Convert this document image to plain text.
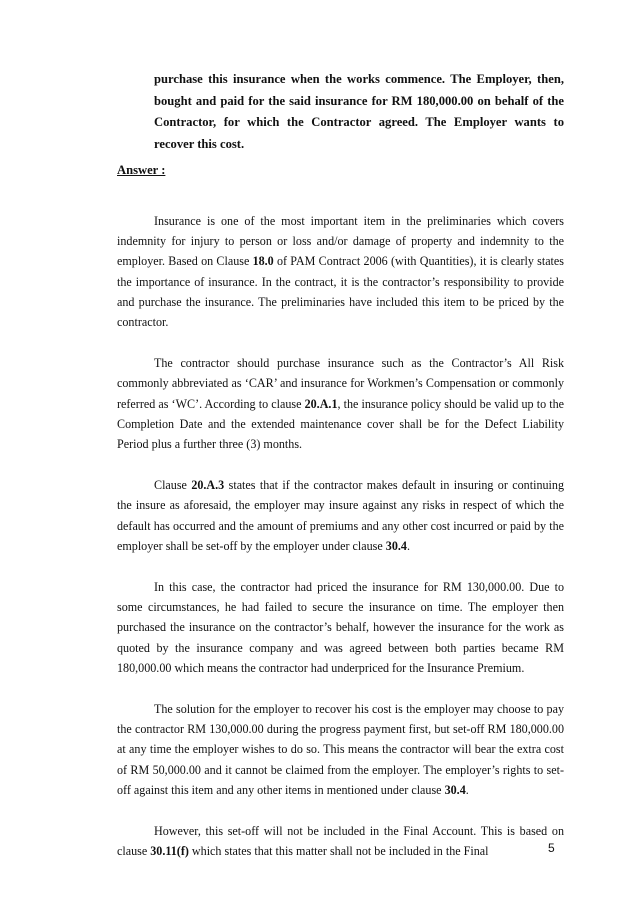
purchase this insurance when the works commence. The Employer, then, bought and paid for the said insurance for RM 180,000.00 on behalf of the Contractor, for which the Contractor agreed. The Employer wants to recover this cost.
Answer :

Insurance is one of the most important item in the preliminaries which covers indemnity for injury to person or loss and/or damage of property and indemnity to the employer. Based on Clause 18.0 of PAM Contract 2006 (with Quantities), it is clearly states the importance of insurance. In the contract, it is the contractor’s responsibility to provide and purchase the insurance. The preliminaries have included this item to be priced by the contractor.

The contractor should purchase insurance such as the Contractor’s All Risk commonly abbreviated as ‘CAR’ and insurance for Workmen’s Compensation or commonly referred as ‘WC’. According to clause 20.A.1, the insurance policy should be valid up to the Completion Date and the extended maintenance cover shall be for the Defect Liability Period plus a further three (3) months.

Clause 20.A.3 states that if the contractor makes default in insuring or continuing the insure as aforesaid, the employer may insure against any risks in respect of which the default has occurred and the amount of premiums and any other cost incurred or paid by the employer shall be set-off by the employer under clause 30.4.

In this case, the contractor had priced the insurance for RM 130,000.00. Due to some circumstances, he had failed to secure the insurance on time. The employer then purchased the insurance on the contractor’s behalf, however the insurance for the work as quoted by the insurance company and was agreed between both parties became RM 180,000.00 which means the contractor had underpriced for the Insurance Premium.

The solution for the employer to recover his cost is the employer may choose to pay the contractor RM 130,000.00 during the progress payment first, but set-off RM 180,000.00 at any time the employer wishes to do so. This means the contractor will bear the extra cost of RM 50,000.00 and it cannot be claimed from the employer. The employer’s rights to set-off against this item and any other items in mentioned under clause 30.4.

However, this set-off will not be included in the Final Account. This is based on clause 30.11(f) which states that this matter shall not be included in the Final	5
